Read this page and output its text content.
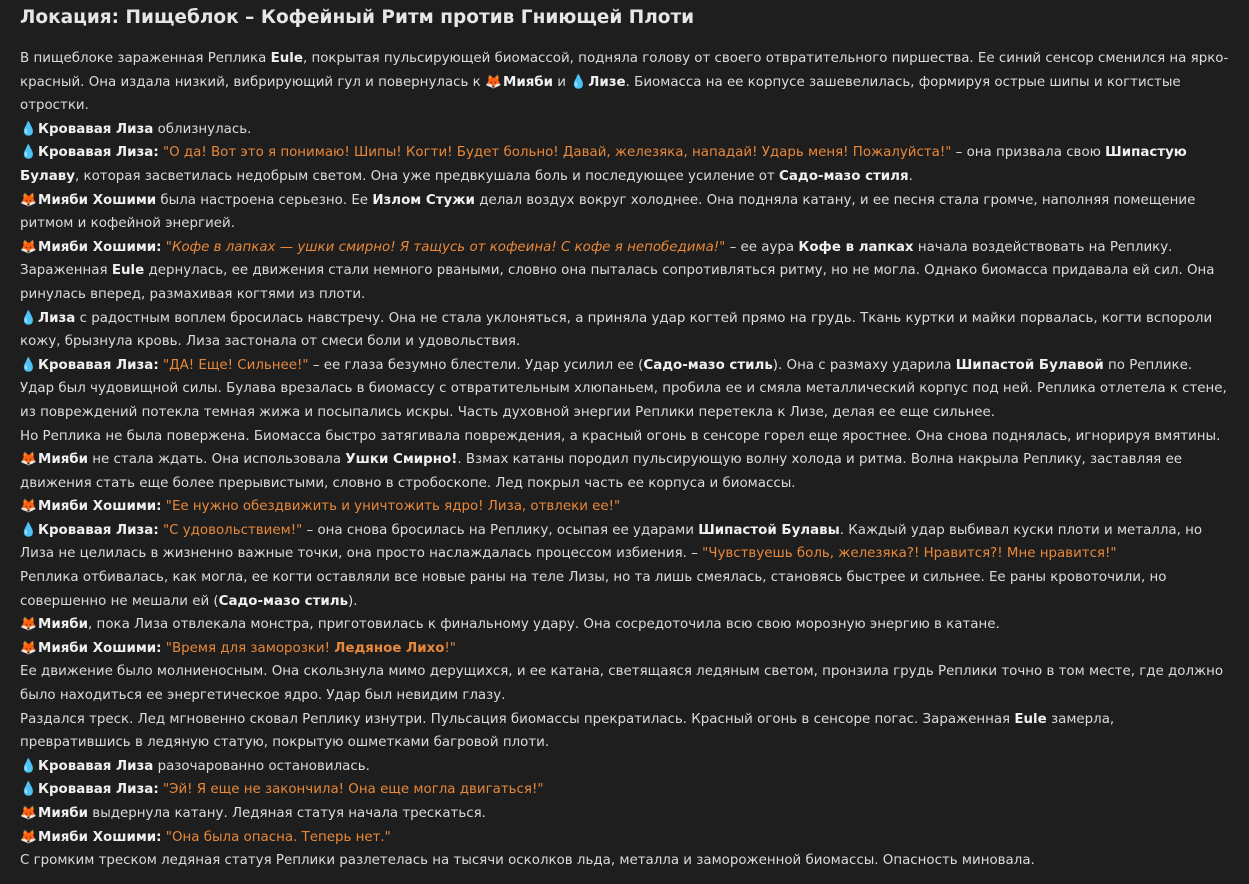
Локация: Пищеблок – Кофейный Ритм против Гниющей Плоти
В пищеблоке зараженная Реплика Eule, покрытая пульсирующей биомассой, подняла голову от своего отвратительного пиршества. Ее синий сенсор сменился на ярко-красный. Она издала низкий, вибрирующий гул и повернулась к 🦊Мияби и 💧Лизе. Биомасса на ее корпусе зашевелилась, формируя острые шипы и когтистые отростки.
💧Кровавая Лиза облизнулась.
💧Кровавая Лиза: "О да! Вот это я понимаю! Шипы! Когти! Будет больно! Давай, железяка, нападай! Ударь меня! Пожалуйста!" – она призвала свою Шипастую Булаву, которая засветилась недобрым светом. Она уже предвкушала боль и последующее усиление от Садо-мазо стиля.
🦊Мияби Хошими была настроена серьезно. Ее Излом Стужи делал воздух вокруг холоднее. Она подняла катану, и ее песня стала громче, наполняя помещение ритмом и кофейной энергией.
🦊Мияби Хошими: "Кофе в лапках — ушки смирно! Я тащусь от кофеина! С кофе я непобедима!" – ее аура Кофе в лапках начала воздействовать на Реплику.
Зараженная Eule дернулась, ее движения стали немного рваными, словно она пыталась сопротивляться ритму, но не могла. Однако биомасса придавала ей сил. Она ринулась вперед, размахивая когтями из плоти.
💧Лиза с радостным воплем бросилась навстречу. Она не стала уклоняться, а приняла удар когтей прямо на грудь. Ткань куртки и майки порвалась, когти вспороли кожу, брызнула кровь. Лиза застонала от смеси боли и удовольствия.
💧Кровавая Лиза: "ДА! Еще! Сильнее!" – ее глаза безумно блестели. Удар усилил ее (Садо-мазо стиль). Она с размаху ударила Шипастой Булавой по Реплике.
Удар был чудовищной силы. Булава врезалась в биомассу с отвратительным хлюпаньем, пробила ее и смяла металлический корпус под ней. Реплика отлетела к стене, из повреждений потекла темная жижа и посыпались искры. Часть духовной энергии Реплики перетекла к Лизе, делая ее еще сильнее.
Но Реплика не была повержена. Биомасса быстро затягивала повреждения, а красный огонь в сенсоре горел еще яростнее. Она снова поднялась, игнорируя вмятины.
🦊Мияби не стала ждать. Она использовала Ушки Смирно!. Взмах катаны породил пульсирующую волну холода и ритма. Волна накрыла Реплику, заставляя ее движения стать еще более прерывистыми, словно в стробоскопе. Лед покрыл часть ее корпуса и биомассы.
🦊Мияби Хошими: "Ее нужно обездвижить и уничтожить ядро! Лиза, отвлеки ее!"
💧Кровавая Лиза: "С удовольствием!" – она снова бросилась на Реплику, осыпая ее ударами Шипастой Булавы. Каждый удар выбивал куски плоти и металла, но Лиза не целилась в жизненно важные точки, она просто наслаждалась процессом избиения. – "Чувствуешь боль, железяка?! Нравится?! Мне нравится!"
Реплика отбивалась, как могла, ее когти оставляли все новые раны на теле Лизы, но та лишь смеялась, становясь быстрее и сильнее. Ее раны кровоточили, но совершенно не мешали ей (Садо-мазо стиль).
🦊Мияби, пока Лиза отвлекала монстра, приготовилась к финальному удару. Она сосредоточила всю свою морозную энергию в катане.
🦊Мияби Хошими: "Время для заморозки! Ледяное Лихо!"
Ее движение было молниеносным. Она скользнула мимо дерущихся, и ее катана, светящаяся ледяным светом, пронзила грудь Реплики точно в том месте, где должно было находиться ее энергетическое ядро. Удар был невидим глазу.
Раздался треск. Лед мгновенно сковал Реплику изнутри. Пульсация биомассы прекратилась. Красный огонь в сенсоре погас. Зараженная Eule замерла, превратившись в ледяную статую, покрытую ошметками багровой плоти.
💧Кровавая Лиза разочарованно остановилась.
💧Кровавая Лиза: "Эй! Я еще не закончила! Она еще могла двигаться!"
🦊Мияби выдернула катану. Ледяная статуя начала трескаться.
🦊Мияби Хошими: "Она была опасна. Теперь нет."
С громким треском ледяная статуя Реплики разлетелась на тысячи осколков льда, металла и замороженной биомассы. Опасность миновала.
